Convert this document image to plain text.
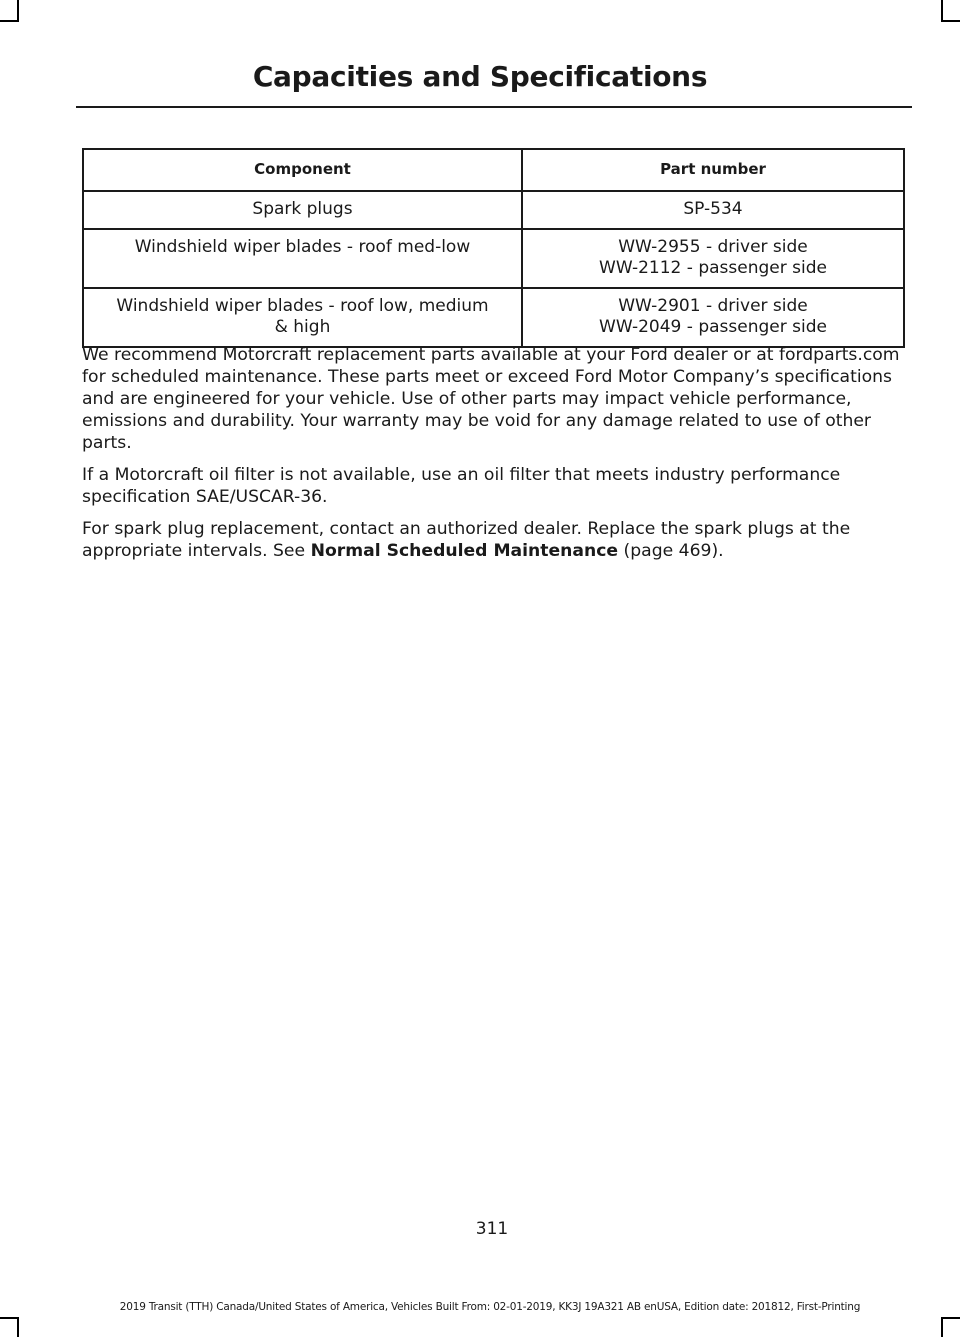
Capacities and Specifications
Component	Part number

Spark plugs	SP-534

Windshield wiper blades - roof med-low	WW-2955 - driver side
WW-2112 - passenger side

Windshield wiper blades - roof low, medium
& high	WW-2901 - driver side
WW-2049 - passenger side

We recommend Motorcraft replacement parts available at your Ford dealer or at fordparts.com for scheduled maintenance. These parts meet or exceed Ford Motor Company’s specifications and are engineered for your vehicle. Use of other parts may impact vehicle performance, emissions and durability. Your warranty may be void for any damage related to use of other parts.

If a Motorcraft oil filter is not available, use an oil filter that meets industry performance specification SAE/USCAR-36.

For spark plug replacement, contact an authorized dealer. Replace the spark plugs at the appropriate intervals. See Normal Scheduled Maintenance (page 469).

311
2019 Transit (TTH) Canada/United States of America, Vehicles Built From: 02-01-2019, KK3J 19A321 AB enUSA, Edition date: 201812, First-Printing
